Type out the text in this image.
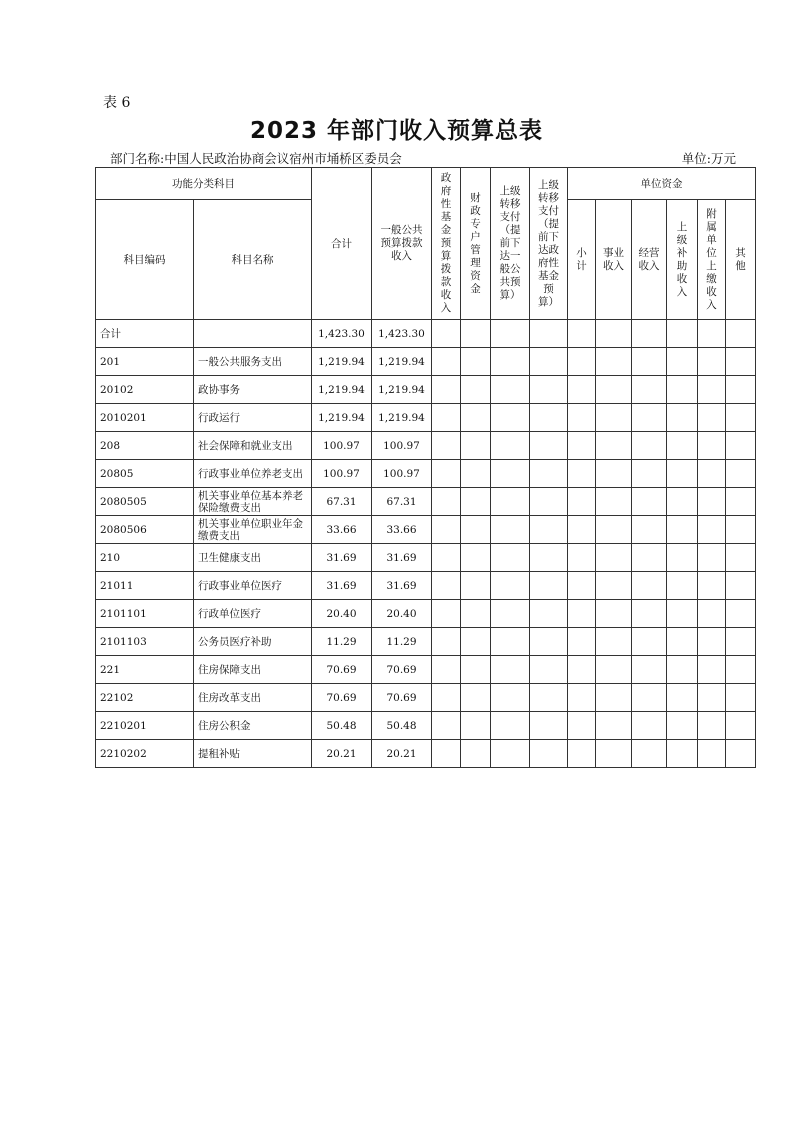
表 6
2023 年部门收入预算总表
部门名称:中国人民政治协商会议宿州市埇桥区委员会	单位:万元
功能分类科目		合计	一般公共预算拨款收入	政府性基金预算拨款收入	财政专户管理资金	上级转移支付（提前下达一般公共预算）	上级转移支付（提前下达政府性基金预算）	单位资金					
科目编码	科目名称							小计	事业收入	经营收入	上级补助收入	附属单位上缴收入	其他
合计		1,423.30	1,423.30										
201	一般公共服务支出	1,219.94	1,219.94										
20102	政协事务	1,219.94	1,219.94										
2010201	行政运行	1,219.94	1,219.94										
208	社会保障和就业支出	100.97	100.97										
20805	行政事业单位养老支出	100.97	100.97										
2080505	机关事业单位基本养老保险缴费支出	67.31	67.31										
2080506	机关事业单位职业年金缴费支出	33.66	33.66										
210	卫生健康支出	31.69	31.69										
21011	行政事业单位医疗	31.69	31.69										
2101101	行政单位医疗	20.40	20.40										
2101103	公务员医疗补助	11.29	11.29										
221	住房保障支出	70.69	70.69										
22102	住房改革支出	70.69	70.69										
2210201	住房公积金	50.48	50.48										
2210202	提租补贴	20.21	20.21										
